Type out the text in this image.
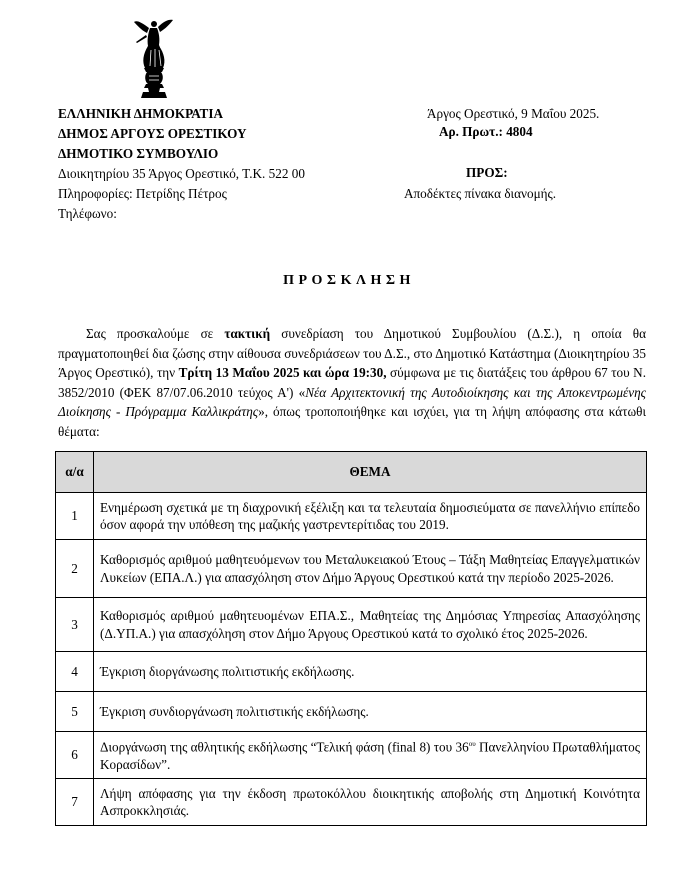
ΕΛΛΗΝΙΚΗ ΔΗΜΟΚΡΑΤΙΑ
ΔΗΜΟΣ ΑΡΓΟΥΣ ΟΡΕΣΤΙΚΟΥ
ΔΗΜΟΤΙΚΟ ΣΥΜΒΟΥΛΙΟ
Διοικητηρίου 35 Άργος Ορεστικό, Τ.Κ. 522 00
Πληροφορίες: Πετρίδης Πέτρος
Τηλέφωνο:
Άργος Ορεστικό, 9 Μαΐου 2025.
Αρ. Πρωτ.: 4804
ΠΡΟΣ:
Αποδέκτες πίνακα διανομής.
ΠΡΟΣΚΛΗΣΗ
Σας προσκαλούμε σε τακτική συνεδρίαση του Δημοτικού Συμβουλίου (Δ.Σ.), η οποία θα πραγματοποιηθεί δια ζώσης στην αίθουσα συνεδριάσεων του Δ.Σ., στο Δημοτικό Κατάστημα (Διοικητηρίου 35 Άργος Ορεστικό), την Τρίτη 13 Μαΐου 2025 και ώρα 19:30, σύμφωνα με τις διατάξεις του άρθρου 67 του Ν. 3852/2010 (ΦΕΚ 87/07.06.2010 τεύχος Α') «Νέα Αρχιτεκτονική της Αυτοδιοίκησης και της Αποκεντρωμένης Διοίκησης - Πρόγραμμα Καλλικράτης», όπως τροποποιήθηκε και ισχύει, για τη λήψη απόφασης στα κάτωθι θέματα:
α/α	ΘΕΜΑ
1	Ενημέρωση σχετικά με τη διαχρονική εξέλιξη και τα τελευταία δημοσιεύματα σε πανελλήνιο επίπεδο όσον αφορά την υπόθεση της μαζικής γαστρεντερίτιδας του 2019.
2	Καθορισμός αριθμού μαθητευόμενων του Μεταλυκειακού Έτους – Τάξη Μαθητείας Επαγγελματικών Λυκείων (ΕΠΑ.Λ.) για απασχόληση στον Δήμο Άργους Ορεστικού κατά την περίοδο 2025-2026.
3	Καθορισμός αριθμού μαθητευομένων ΕΠΑ.Σ., Μαθητείας της Δημόσιας Υπηρεσίας Απασχόλησης (Δ.ΥΠ.Α.) για απασχόληση στον Δήμο Άργους Ορεστικού κατά το σχολικό έτος 2025-2026.
4	Έγκριση διοργάνωσης πολιτιστικής εκδήλωσης.
5	Έγκριση συνδιοργάνωση πολιτιστικής εκδήλωσης.
6	Διοργάνωση της αθλητικής εκδήλωσης “Τελική φάση (final 8) του $36^{o\upsilon}$ Πανελληνίου Πρωταθλήματος Κορασίδων”.
7	Λήψη απόφασης για την έκδοση πρωτοκόλλου διοικητικής αποβολής στη Δημοτική Κοινότητα Ασπροκκλησιάς.
